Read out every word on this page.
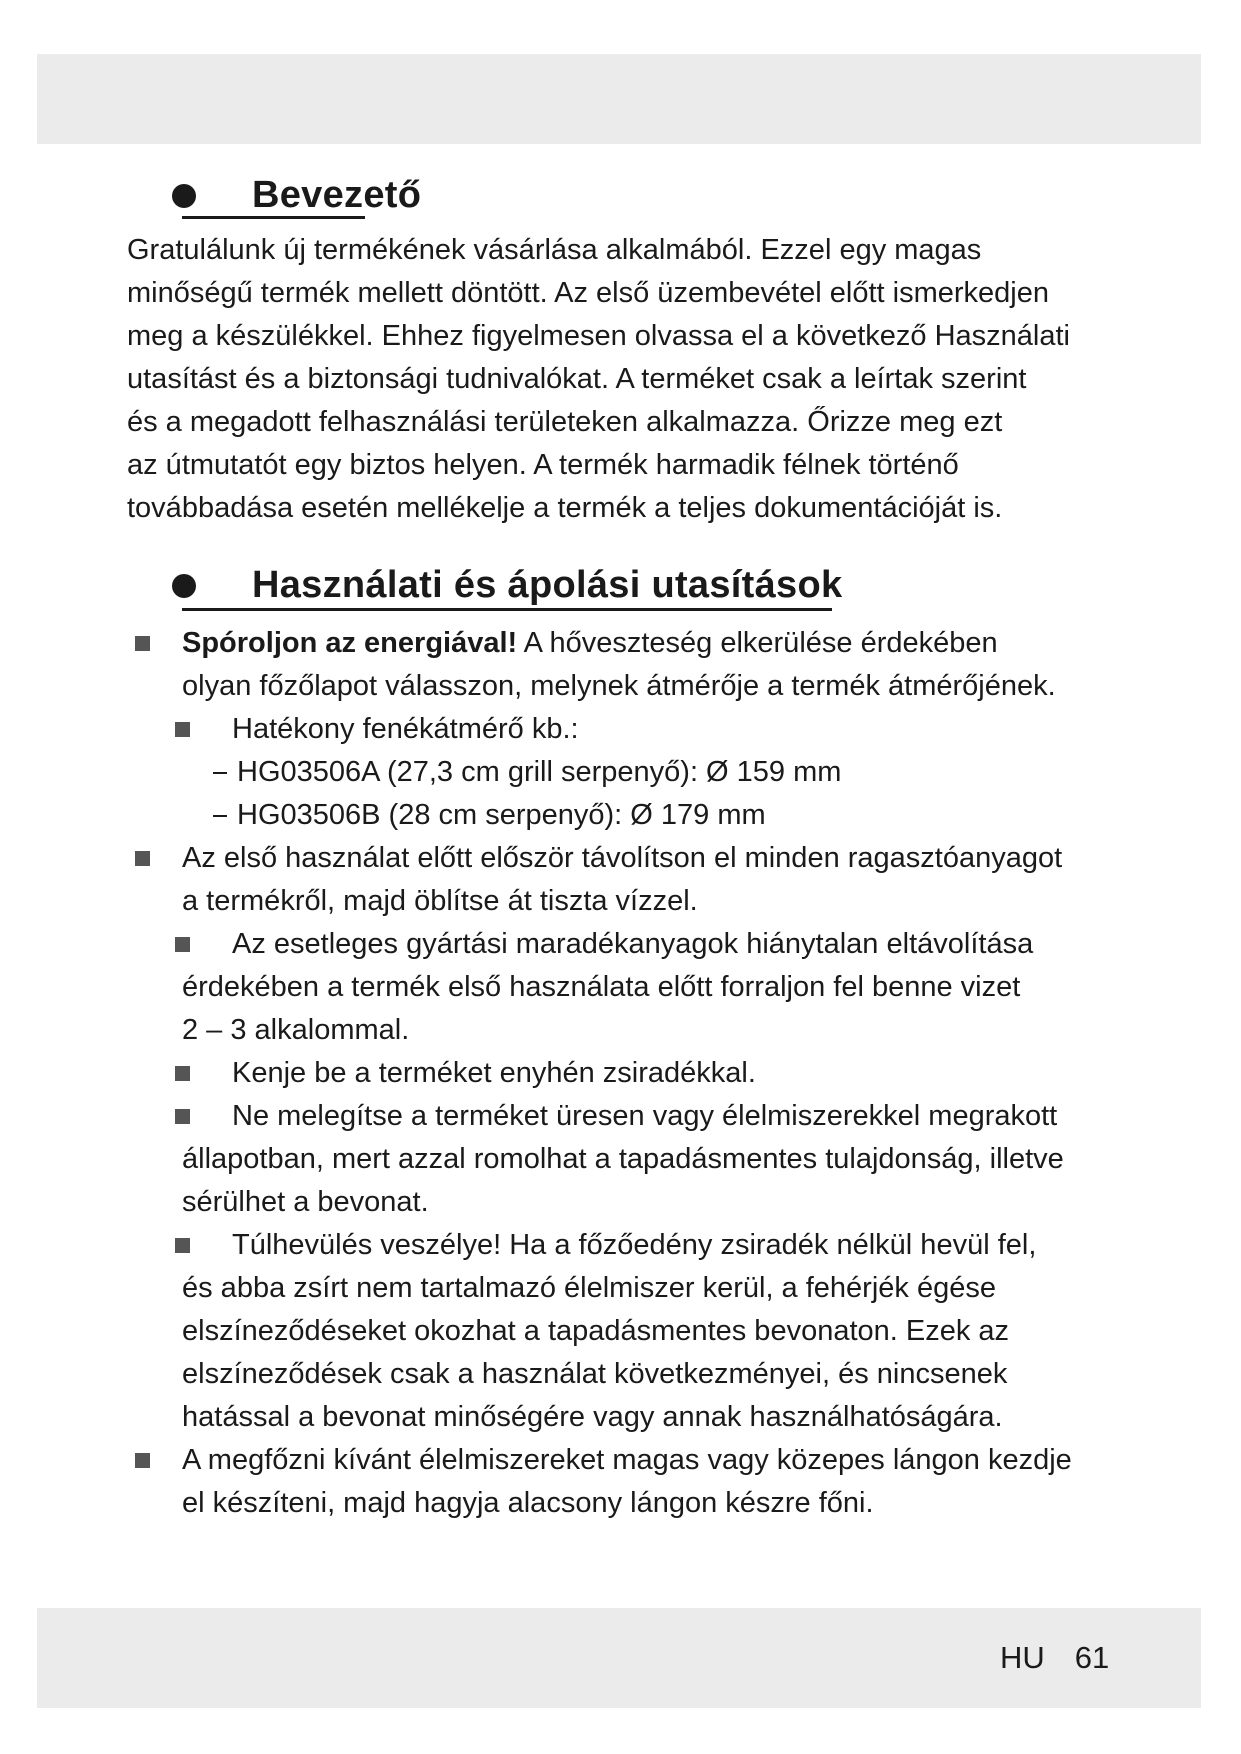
Bevezető
Gratulálunk új termékének vásárlása alkalmából. Ezzel egy magas
minőségű termék mellett döntött. Az első üzembevétel előtt ismerkedjen
meg a készülékkel. Ehhez figyelmesen olvassa el a következő Használati
utasítást és a biztonsági tudnivalókat. A terméket csak a leírtak szerint
és a megadott felhasználási területeken alkalmazza. Őrizze meg ezt
az útmutatót egy biztos helyen. A termék harmadik félnek történő
továbbadása esetén mellékelje a termék a teljes dokumentációját is.
Használati és ápolási utasítások
Spóroljon az energiával! A hőveszteség elkerülése érdekében
olyan főzőlapot válasszon, melynek átmérője a termék átmérőjének.
Hatékony fenékátmérő kb.:
HG03506A (27,3 cm grill serpenyő): Ø 159 mm
HG03506B (28 cm serpenyő): Ø 179 mm
Az első használat előtt először távolítson el minden ragasztóanyagot
a termékről, majd öblítse át tiszta vízzel.
Az esetleges gyártási maradékanyagok hiánytalan eltávolítása
érdekében a termék első használata előtt forraljon fel benne vizet
2 – 3 alkalommal.
Kenje be a terméket enyhén zsiradékkal.
Ne melegítse a terméket üresen vagy élelmiszerekkel megrakott
állapotban, mert azzal romolhat a tapadásmentes tulajdonság, illetve
sérülhet a bevonat.
Túlhevülés veszélye! Ha a főzőedény zsiradék nélkül hevül fel,
és abba zsírt nem tartalmazó élelmiszer kerül, a fehérjék égése
elszíneződéseket okozhat a tapadásmentes bevonaton. Ezek az
elszíneződések csak a használat következményei, és nincsenek
hatással a bevonat minőségére vagy annak használhatóságára.
A megfőzni kívánt élelmiszereket magas vagy közepes lángon kezdje
el készíteni, majd hagyja alacsony lángon készre főni.
HU 61
